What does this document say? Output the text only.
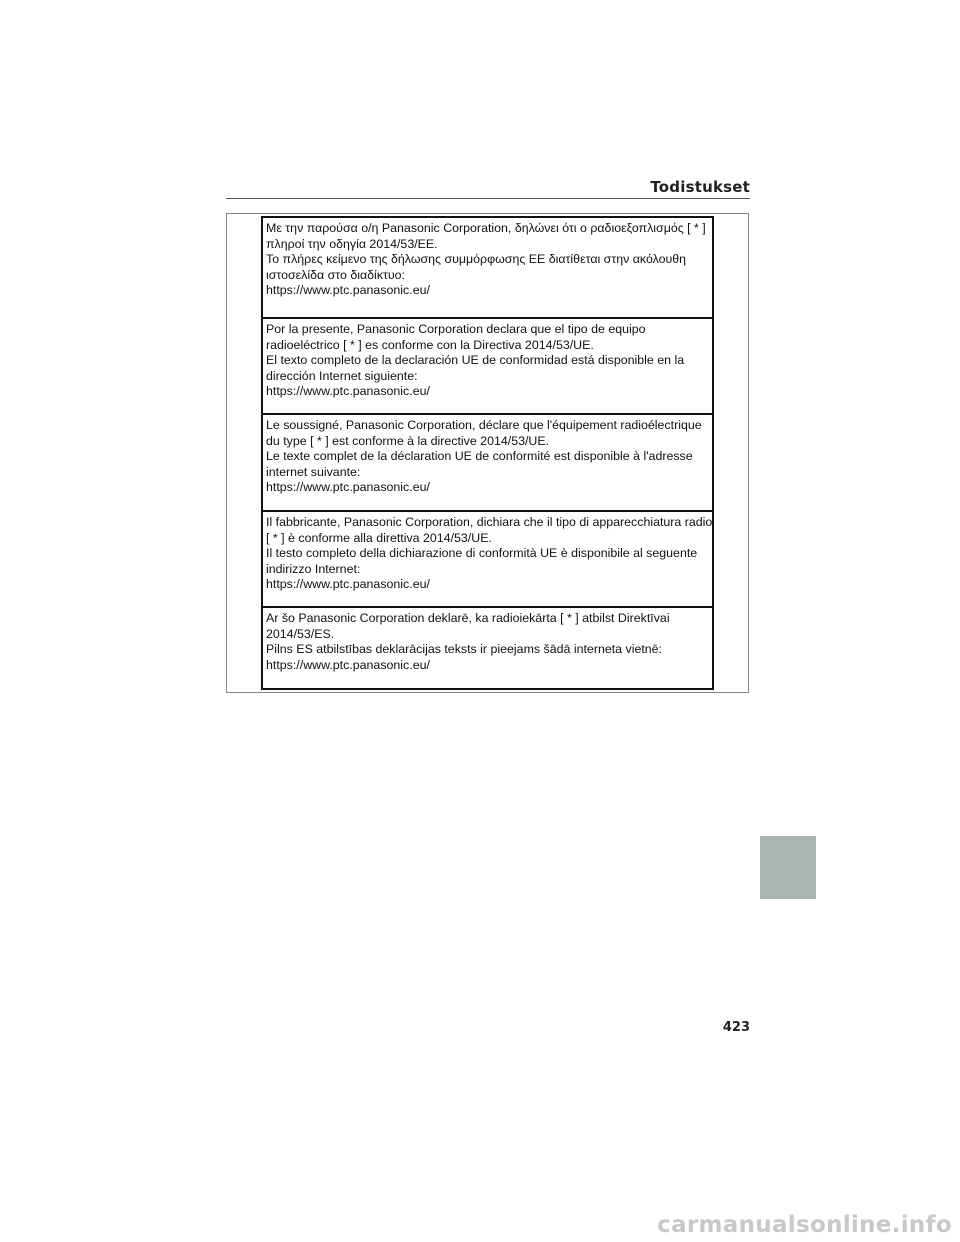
Todistukset
Με την παρούσα ο/η Panasonic Corporation, δηλώνει ότι ο ραδιοεξοπλισμός [ * ]
πληροί την οδηγία 2014/53/ΕΕ.
Το πλήρες κείμενο της δήλωσης συμμόρφωσης ΕΕ διατίθεται στην ακόλουθη
ιστοσελίδα στο διαδίκτυο:
https://www.ptc.panasonic.eu/
Por la presente, Panasonic Corporation declara que el tipo de equipo
radioeléctrico [ * ] es conforme con la Directiva 2014/53/UE.
El texto completo de la declaración UE de conformidad está disponible en la
dirección Internet siguiente:
https://www.ptc.panasonic.eu/
Le soussigné, Panasonic Corporation, déclare que l'équipement radioélectrique
du type [ * ] est conforme à la directive 2014/53/UE.
Le texte complet de la déclaration UE de conformité est disponible à l'adresse
internet suivante:
https://www.ptc.panasonic.eu/
Il fabbricante, Panasonic Corporation, dichiara che il tipo di apparecchiatura radio
[ * ] è conforme alla direttiva 2014/53/UE.
Il testo completo della dichiarazione di conformità UE è disponibile al seguente
indirizzo Internet:
https://www.ptc.panasonic.eu/
Ar šo Panasonic Corporation deklarē, ka radioiekārta [ * ] atbilst Direktīvai
2014/53/ES.
Pilns ES atbilstības deklarācijas teksts ir pieejams šādā interneta vietnē:
https://www.ptc.panasonic.eu/
423
carmanualsonline.info
